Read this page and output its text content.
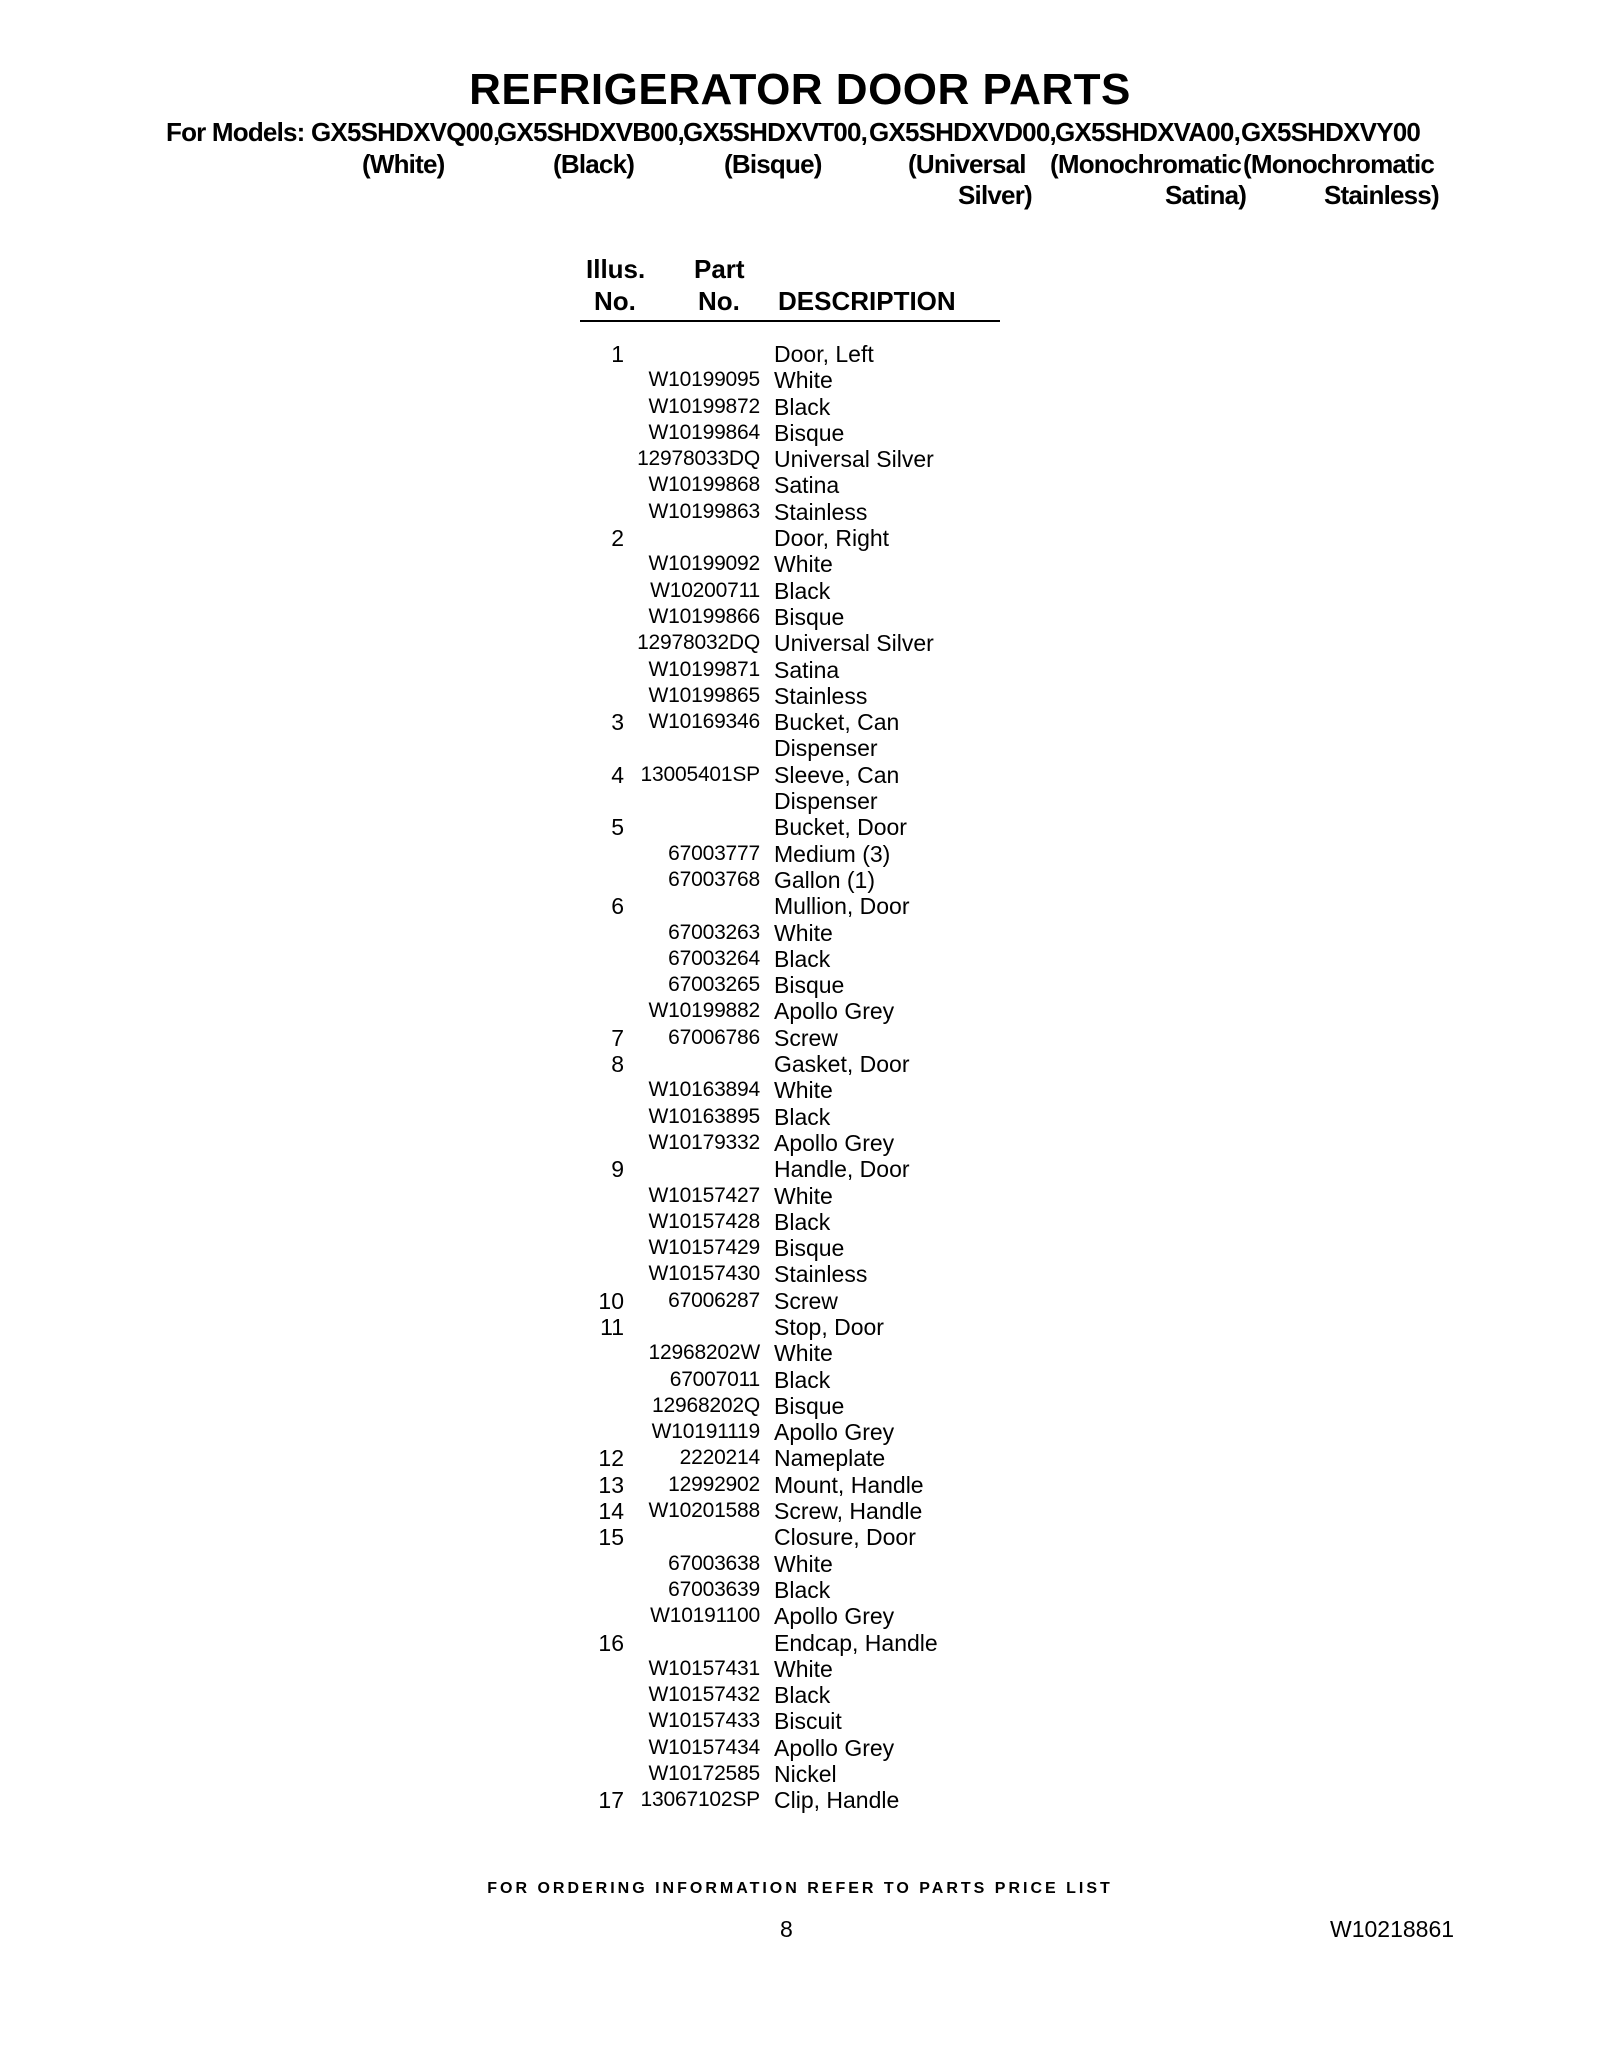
REFRIGERATOR DOOR PARTS
For Models: GX5SHDXVQ00,
GX5SHDXVB00, GX5SHDXVT00, GX5SHDXVD00, GX5SHDXVA00, GX5SHDXVY00
(White)	(Black)	(Bisque)	(Universal (Monochromatic (Monochromatic
Silver)	Satina)	Stainless)
Illus.
No.
Part
No. DESCRIPTION
1	Door, Left
W10199095 White
W10199872 Black
W10199864 Bisque
12978033DQ Universal Silver
W10199868 Satina
W10199863 Stainless
2	Door, Right
W10199092 White
W10200711 Black
W10199866 Bisque
12978032DQ Universal Silver
W10199871 Satina
W10199865 Stainless
3 W10169346 Bucket, Can
Dispenser
4 13005401SP Sleeve, Can
Dispenser
5	Bucket, Door
67003777 Medium (3)
67003768 Gallon (1)
6	Mullion, Door
67003263 White
67003264 Black
67003265 Bisque
W10199882 Apollo Grey
7 67006786 Screw
8	Gasket, Door
W10163894 White
W10163895 Black
W10179332 Apollo Grey
9	Handle, Door
W10157427 White
W10157428 Black
W10157429 Bisque
W10157430 Stainless
10 67006287 Screw
11	Stop, Door
12968202W White
67007011 Black
12968202Q Bisque
W10191119 Apollo Grey
12	2220214 Nameplate
13 12992902 Mount, Handle
14 W10201588 Screw, Handle
15	Closure, Door
67003638 White
67003639 Black
W10191100 Apollo Grey
16	Endcap, Handle
W10157431 White
W10157432 Black
W10157433 Biscuit
W10157434 Apollo Grey
W10172585 Nickel
17 13067102SP Clip, Handle
FOR ORDERING INFORMATION REFER TO PARTS PRICE LIST
8	W10218861
